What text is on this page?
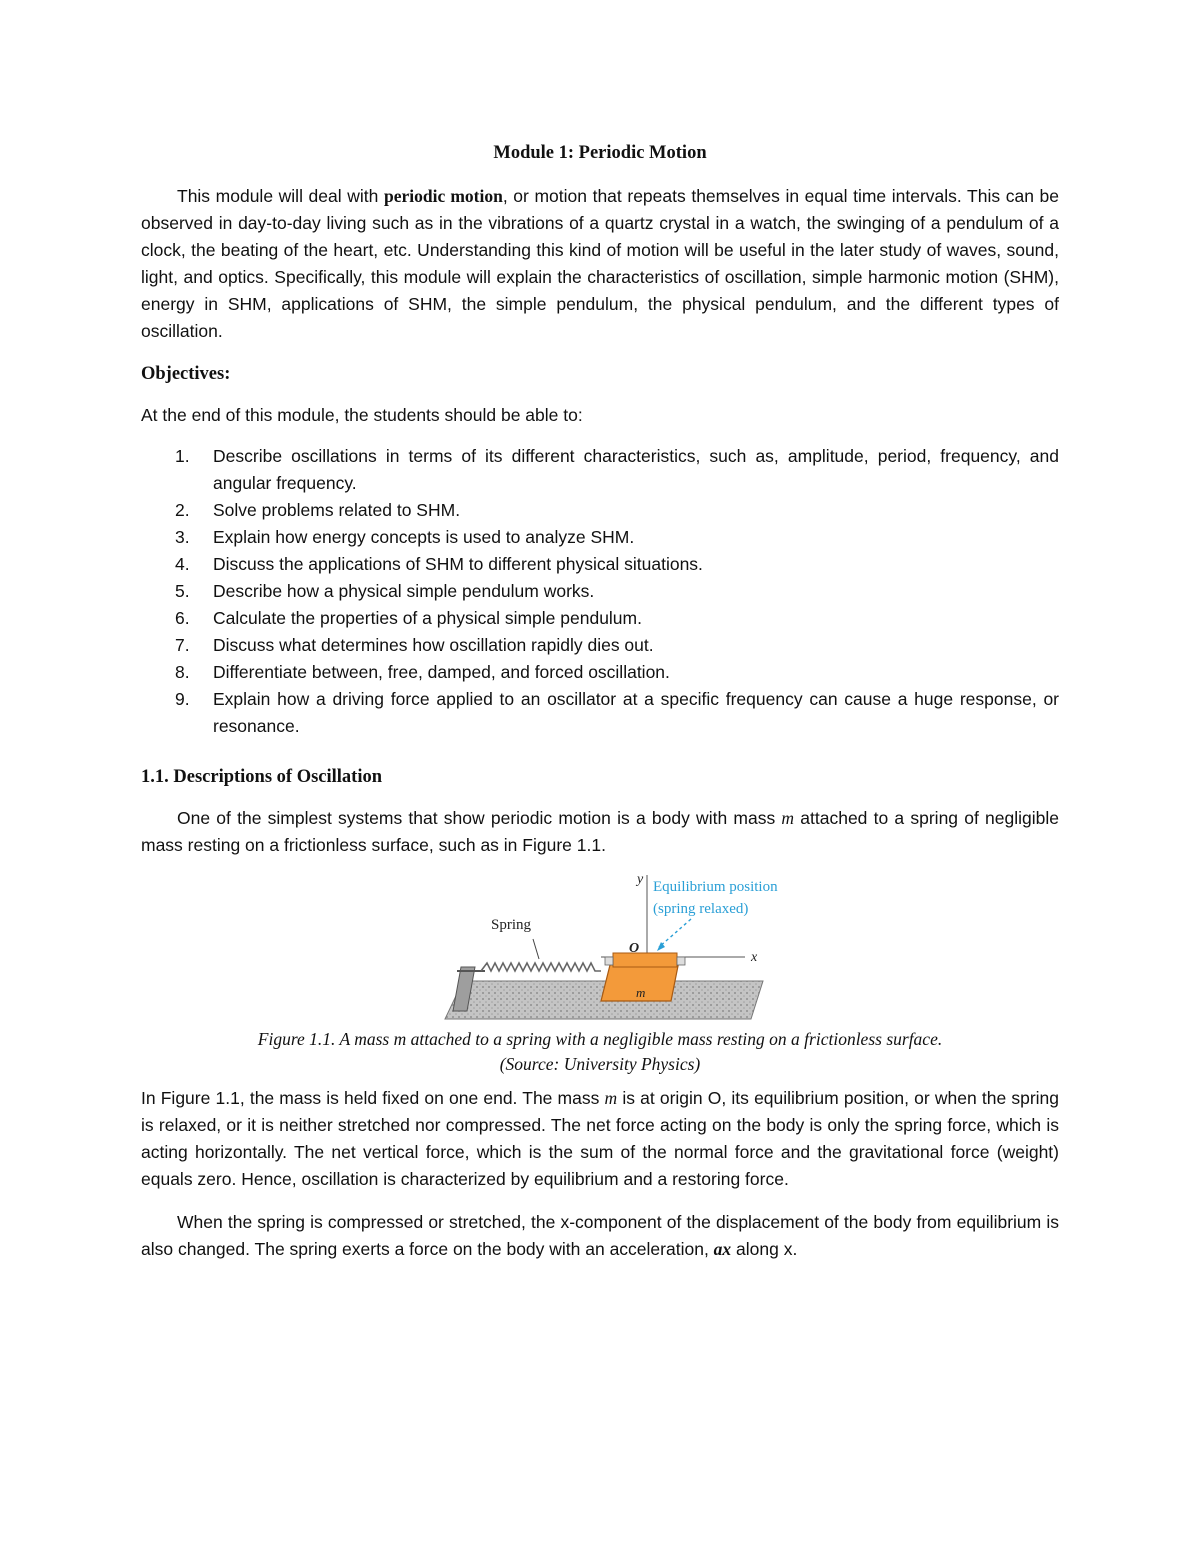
Module 1: Periodic Motion

This module will deal with periodic motion, or motion that repeats themselves in equal time intervals. This can be observed in day-to-day living such as in the vibrations of a quartz crystal in a watch, the swinging of a pendulum of a clock, the beating of the heart, etc. Understanding this kind of motion will be useful in the later study of waves, sound, light, and optics. Specifically, this module will explain the characteristics of oscillation, simple harmonic motion (SHM), energy in SHM, applications of SHM, the simple pendulum, the physical pendulum, and the different types of oscillation.

Objectives:

At the end of this module, the students should be able to:

1. Describe oscillations in terms of its different characteristics, such as, amplitude, period, frequency, and angular frequency.
2. Solve problems related to SHM.
3. Explain how energy concepts is used to analyze SHM.
4. Discuss the applications of SHM to different physical situations.
5. Describe how a physical simple pendulum works.
6. Calculate the properties of a physical simple pendulum.
7. Discuss what determines how oscillation rapidly dies out.
8. Differentiate between, free, damped, and forced oscillation.
9. Explain how a driving force applied to an oscillator at a specific frequency can cause a huge response, or resonance.

1.1. Descriptions of Oscillation

One of the simplest systems that show periodic motion is a body with mass m attached to a spring of negligible mass resting on a frictionless surface, such as in Figure 1.1.

Spring
y
x
O
m
Equilibrium position
(spring relaxed)

Figure 1.1. A mass m attached to a spring with a negligible mass resting on a frictionless surface.

(Source: University Physics)

In Figure 1.1, the mass is held fixed on one end. The mass m is at origin O, its equilibrium position, or when the spring is relaxed, or it is neither stretched nor compressed. The net force acting on the body is only the spring force, which is acting horizontally. The net vertical force, which is the sum of the normal force and the gravitational force (weight) equals zero. Hence, oscillation is characterized by equilibrium and a restoring force.

When the spring is compressed or stretched, the x-component of the displacement of the body from equilibrium is also changed. The spring exerts a force on the body with an acceleration, ax along x.
